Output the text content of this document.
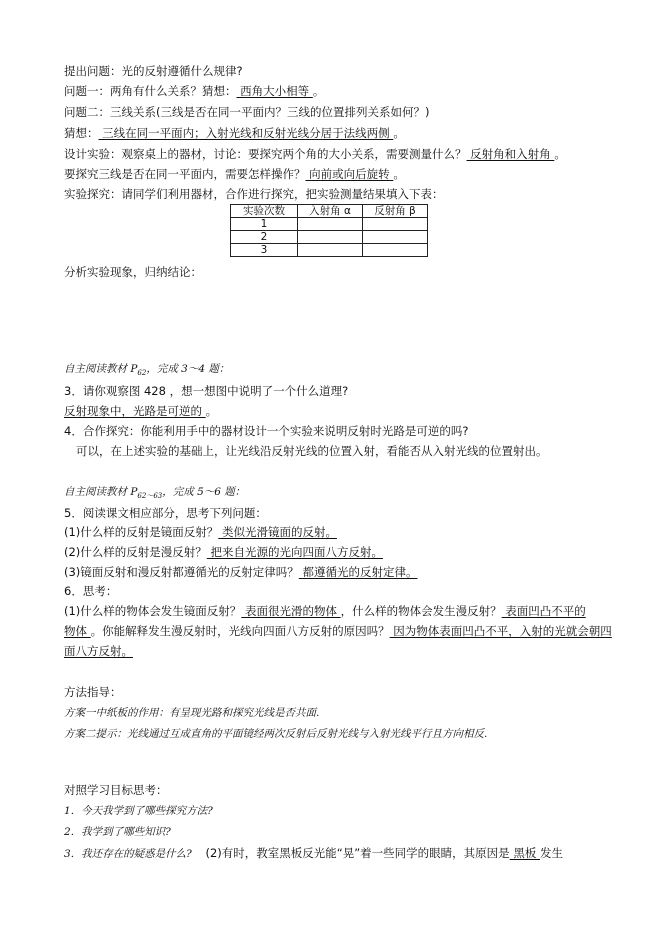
提出问题：光的反射遵循什么规律?
问题一：两角有什么关系？猜想： 西角大小相等 。
问题二：三线关系(三线是否在同一平面内？三线的位置排列关系如何？)
猜想： 三线在同一平面内；入射光线和反射光线分居于法线两侧 。
设计实验：观察桌上的器材，讨论：要探究两个角的大小关系，需要测量什么？ 反射角和入射角 。
要探究三线是否在同一平面内，需要怎样操作？ 向前或向后旋转 。
实验探究：请同学们利用器材，合作进行探究，把实验测量结果填入下表：
实验次数	入射角 α	反射角 β
1		
2		
3		
分析实验现象，归纳结论：
自主阅读教材 $P_{62}$，完成 3～4 题：
3．请你观察图 428 ，想一想图中说明了一个什么道理?
反射现象中，光路是可逆的 。
4．合作探究：你能利用手中的器材设计一个实验来说明反射时光路是可逆的吗?
可以，在上述实验的基础上，让光线沿反射光线的位置入射，看能否从入射光线的位置射出。
自主阅读教材 $P_{62\sim 63}$，完成 5～6 题：
5．阅读课文相应部分，思考下列问题：
(1)什么样的反射是镜面反射？ 类似光滑镜面的反射。
(2)什么样的反射是漫反射？ 把来自光源的光向四面八方反射。
(3)镜面反射和漫反射都遵循光的反射定律吗？ 都遵循光的反射定律。
6．思考：
(1)什么样的物体会发生镜面反射？ 表面很光滑的物体 ，什么样的物体会发生漫反射？ 表面凹凸不平的
物体 。你能解释发生漫反射时，光线向四面八方反射的原因吗？ 因为物体表面凹凸不平，入射的光就会朝四
面八方反射。
方法指导：
方案一中纸板的作用：有呈现光路和探究光线是否共面.
方案二提示：光线通过互成直角的平面镜经两次反射后反射光线与入射光线平行且方向相反.
对照学习目标思考：
1．今天我学到了哪些探究方法?
2．我学到了哪些知识?
3．我还存在的疑惑是什么? (2)有时，教室黑板反光能“晃”着一些同学的眼睛，其原因是 黑板 发生
